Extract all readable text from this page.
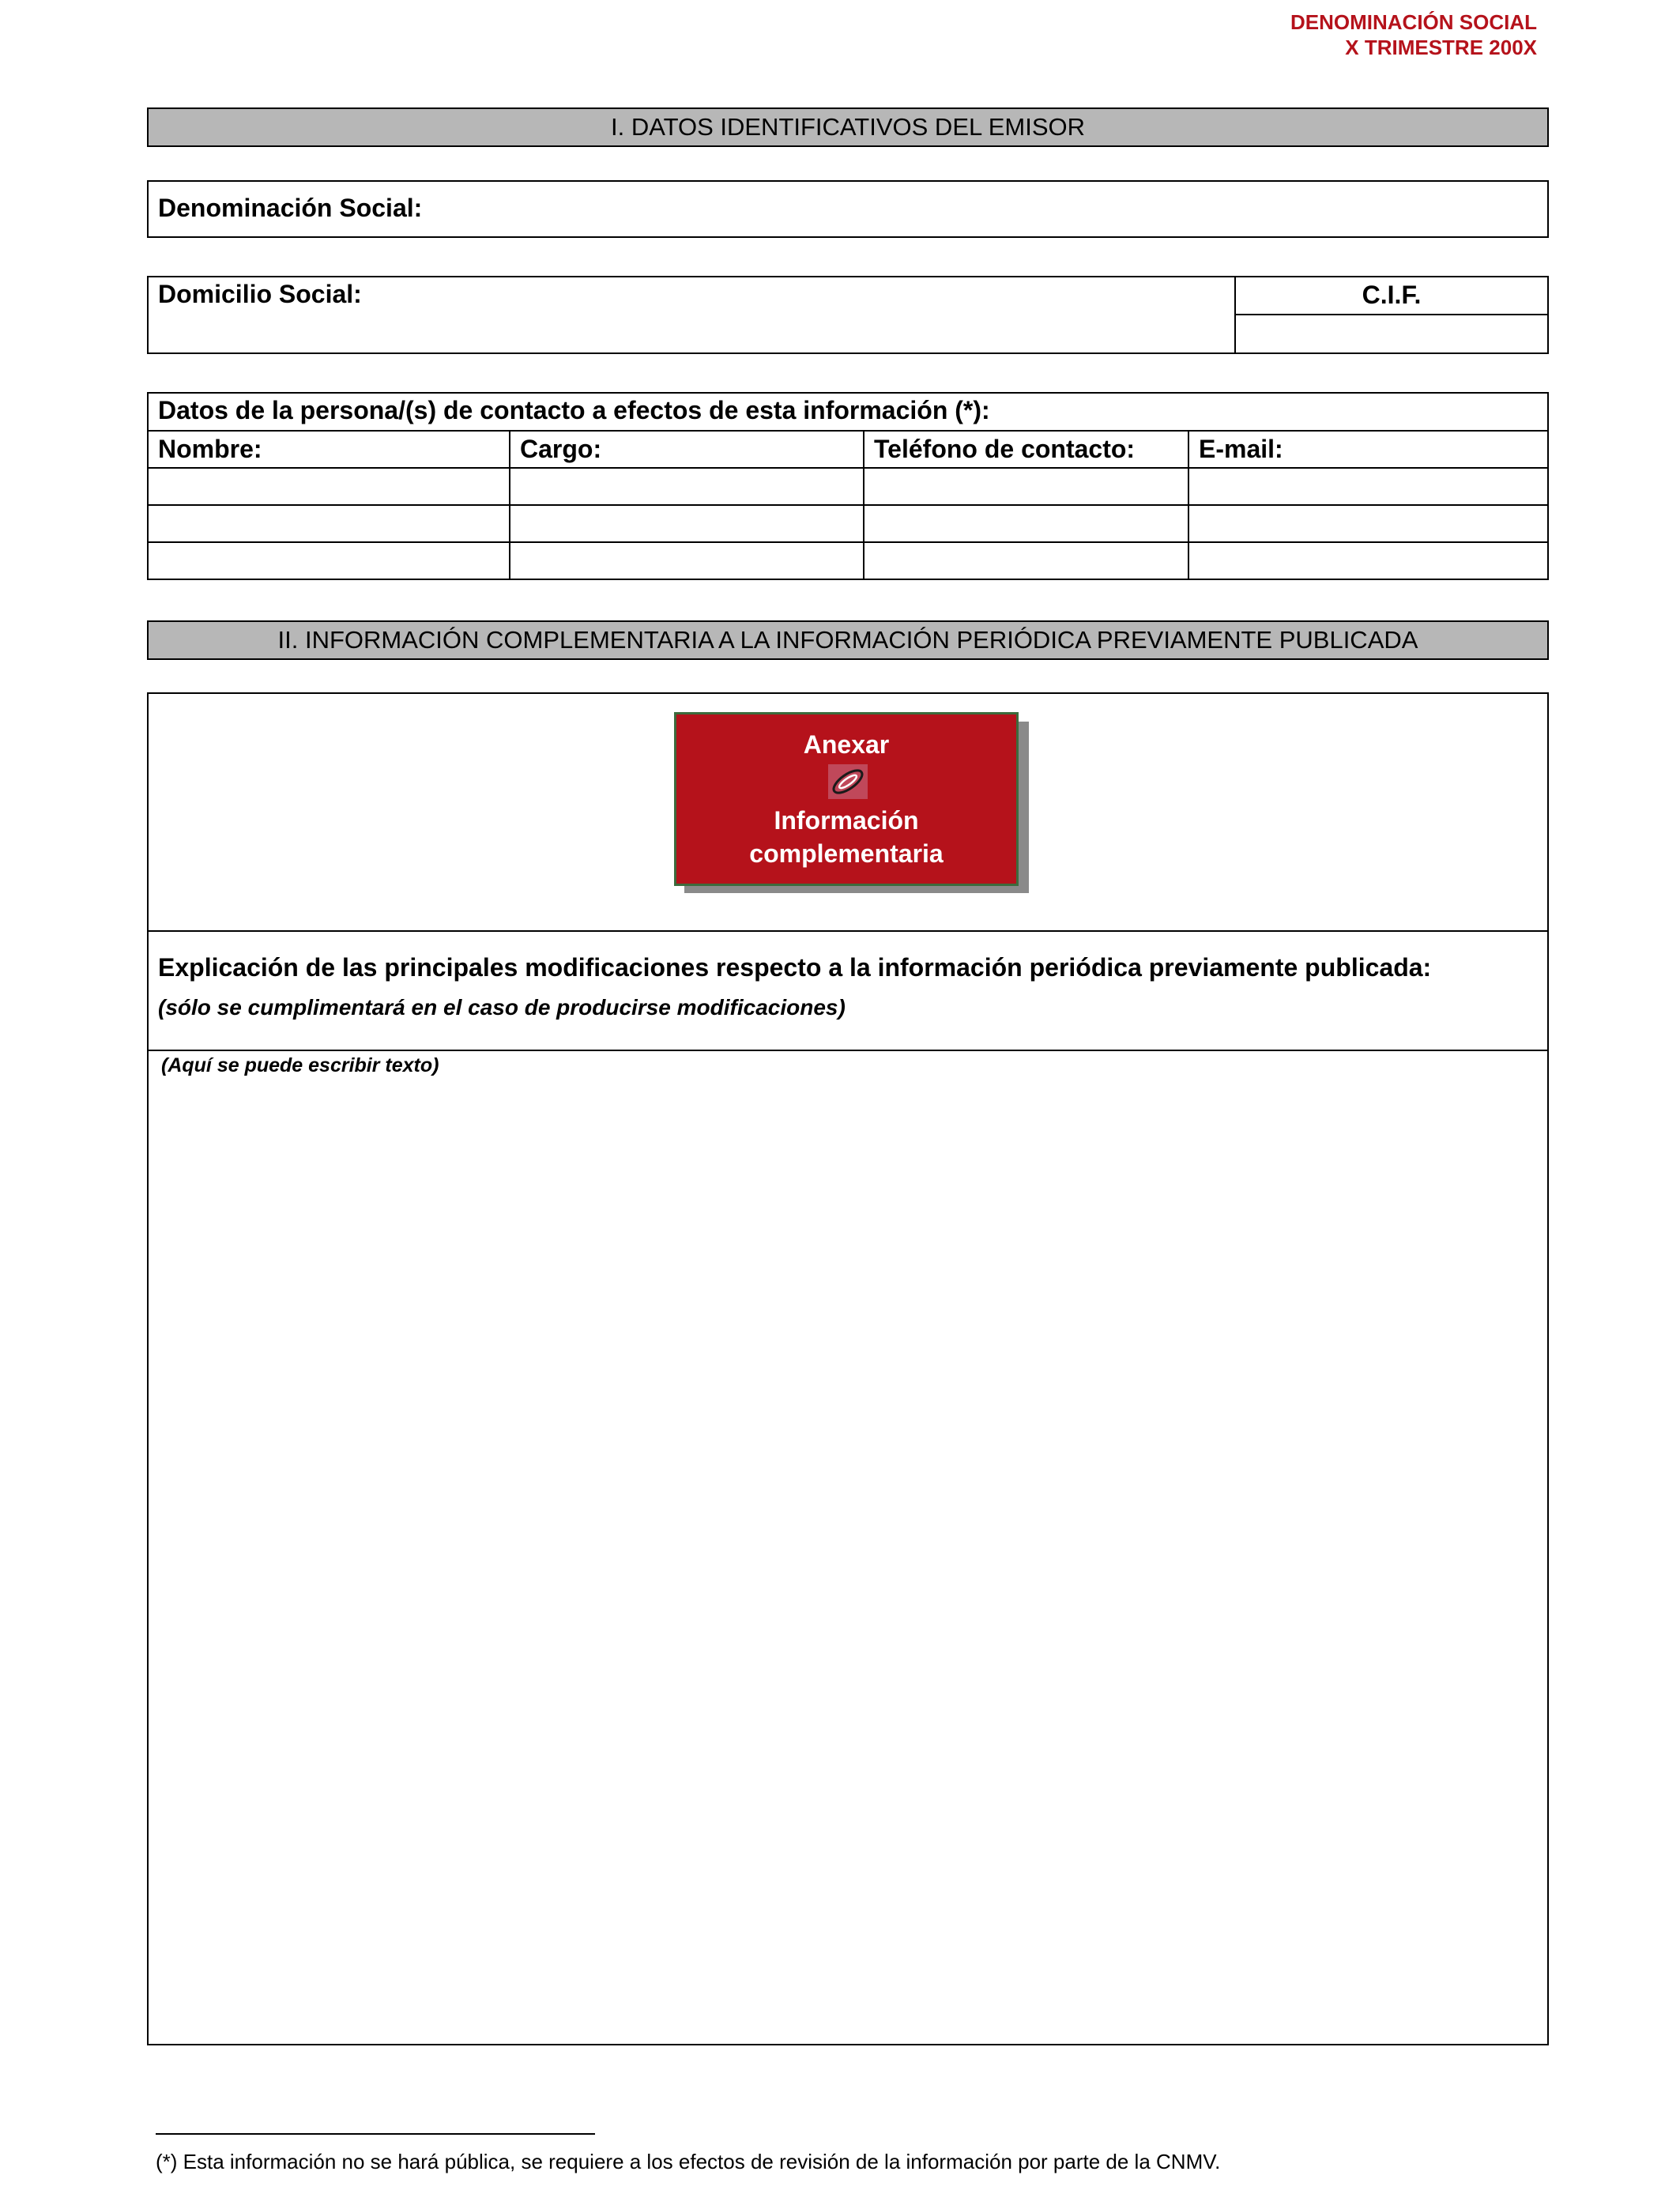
DENOMINACIÓN SOCIAL
X TRIMESTRE 200X
I. DATOS IDENTIFICATIVOS DEL EMISOR
Denominación Social:
Domicilio Social:	C.I.F.
Datos de la persona/(s) de contacto a efectos de esta información (*):
Nombre:	Cargo:	Teléfono de contacto:	E-mail:

II. INFORMACIÓN COMPLEMENTARIA A LA INFORMACIÓN PERIÓDICA PREVIAMENTE PUBLICADA
Anexar
Información
complementaria
Explicación de las principales modificaciones respecto a la información periódica previamente publicada:
(sólo se cumplimentará en el caso de producirse modificaciones)
(Aquí se puede escribir texto)
(*) Esta información no se hará pública, se requiere a los efectos de revisión de la información por parte de la CNMV.
